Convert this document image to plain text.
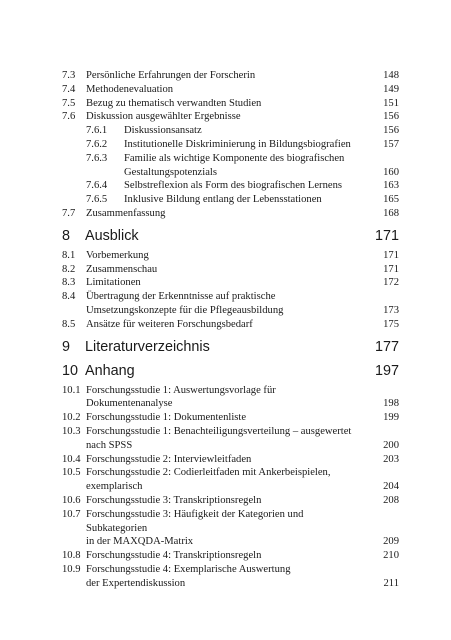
7.3 Persönliche Erfahrungen der Forscherin	148
7.4 Methodenevaluation	149
7.5 Bezug zu thematisch verwandten Studien	151
7.6 Diskussion ausgewählter Ergebnisse	156
7.6.1 Diskussionsansatz	156
7.6.2 Institutionelle Diskriminierung in Bildungsbiografien	157
7.6.3 Familie als wichtige Komponente des biografischen
Gestaltungspotenzials	160
7.6.4 Selbstreflexion als Form des biografischen Lernens	163
7.6.5 Inklusive Bildung entlang der Lebensstationen	165
7.7 Zusammenfassung	168
8 Ausblick	171
8.1 Vorbemerkung	171
8.2 Zusammenschau	171
8.3 Limitationen	172
8.4 Übertragung der Erkenntnisse auf praktische
Umsetzungskonzepte für die Pflegeausbildung	173
8.5 Ansätze für weiteren Forschungsbedarf	175
9 Literaturverzeichnis	177
10 Anhang	197
10.1 Forschungsstudie 1: Auswertungsvorlage für Dokumentenanalyse	198
10.2 Forschungsstudie 1: Dokumentenliste	199
10.3 Forschungsstudie 1: Benachteiligungsverteilung – ausgewertet
nach SPSS	200
10.4 Forschungsstudie 2: Interviewleitfaden	203
10.5 Forschungsstudie 2: Codierleitfaden mit Ankerbeispielen,
exemplarisch	204
10.6 Forschungsstudie 3: Transkriptionsregeln	208
10.7 Forschungsstudie 3: Häufigkeit der Kategorien und Subkategorien
in der MAXQDA-Matrix	209
10.8 Forschungsstudie 4: Transkriptionsregeln	210
10.9 Forschungsstudie 4: Exemplarische Auswertung
der Expertendiskussion	211
